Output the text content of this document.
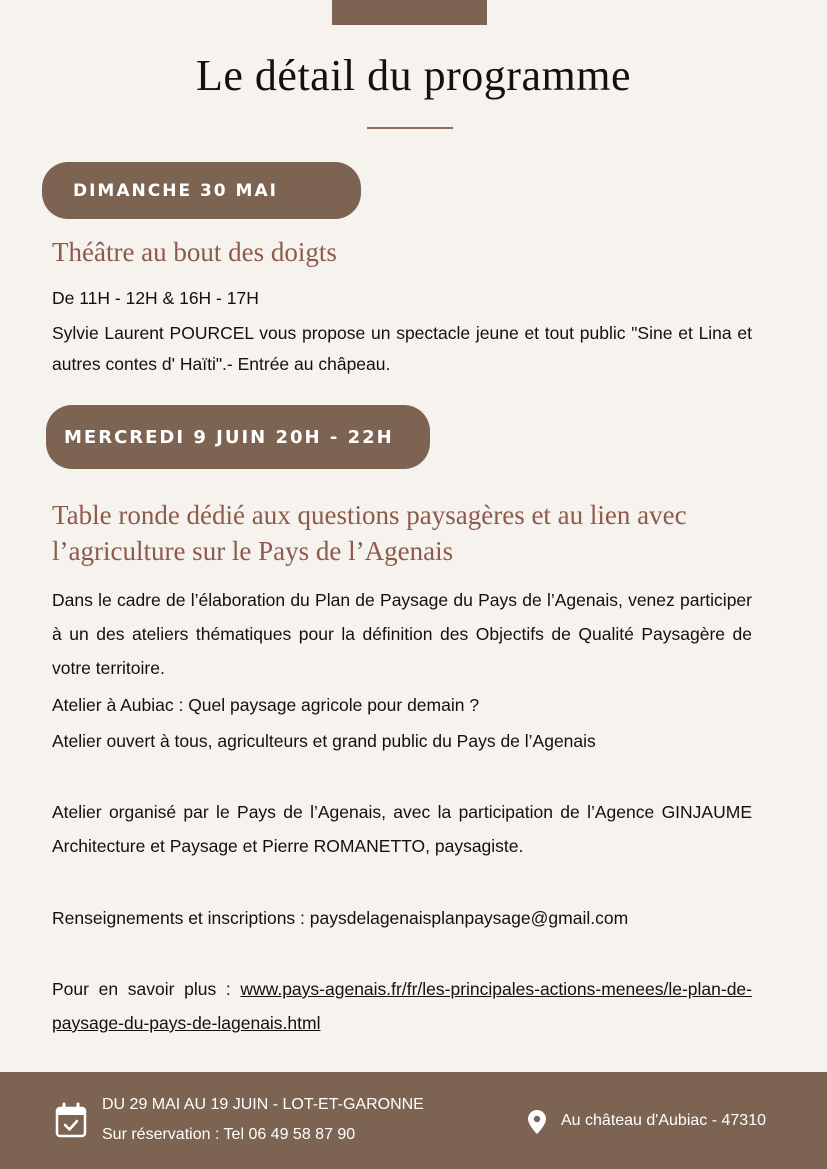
Le détail du programme
DIMANCHE 30 MAI
Théâtre au bout des doigts
De 11H - 12H & 16H - 17H
Sylvie Laurent POURCEL vous propose un spectacle jeune et tout public "Sine et Lina et autres contes d' Haïti".- Entrée au châpeau.
MERCREDI 9 JUIN 20H - 22H
Table ronde dédié aux questions paysagères et au lien avec l’agriculture sur le Pays de l’Agenais
Dans le cadre de l’élaboration du Plan de Paysage du Pays de l’Agenais, venez participer à un des ateliers thématiques pour la définition des Objectifs de Qualité Paysagère de votre territoire.
Atelier à Aubiac : Quel paysage agricole pour demain ?
Atelier ouvert à tous, agriculteurs et grand public du Pays de l’Agenais
Atelier organisé par le Pays de l’Agenais, avec la participation de l’Agence GINJAUME Architecture et Paysage et Pierre ROMANETTO, paysagiste.
Renseignements et inscriptions : paysdelagenaisplanpaysage@gmail.com
Pour en savoir plus : www.pays-agenais.fr/fr/les-principales-actions-menees/le-plan-de-paysage-du-pays-de-lagenais.html
DU 29 MAI AU 19 JUIN - LOT-ET-GARONNE
Sur réservation : Tel 06 49 58 87 90
Au château d'Aubiac - 47310
